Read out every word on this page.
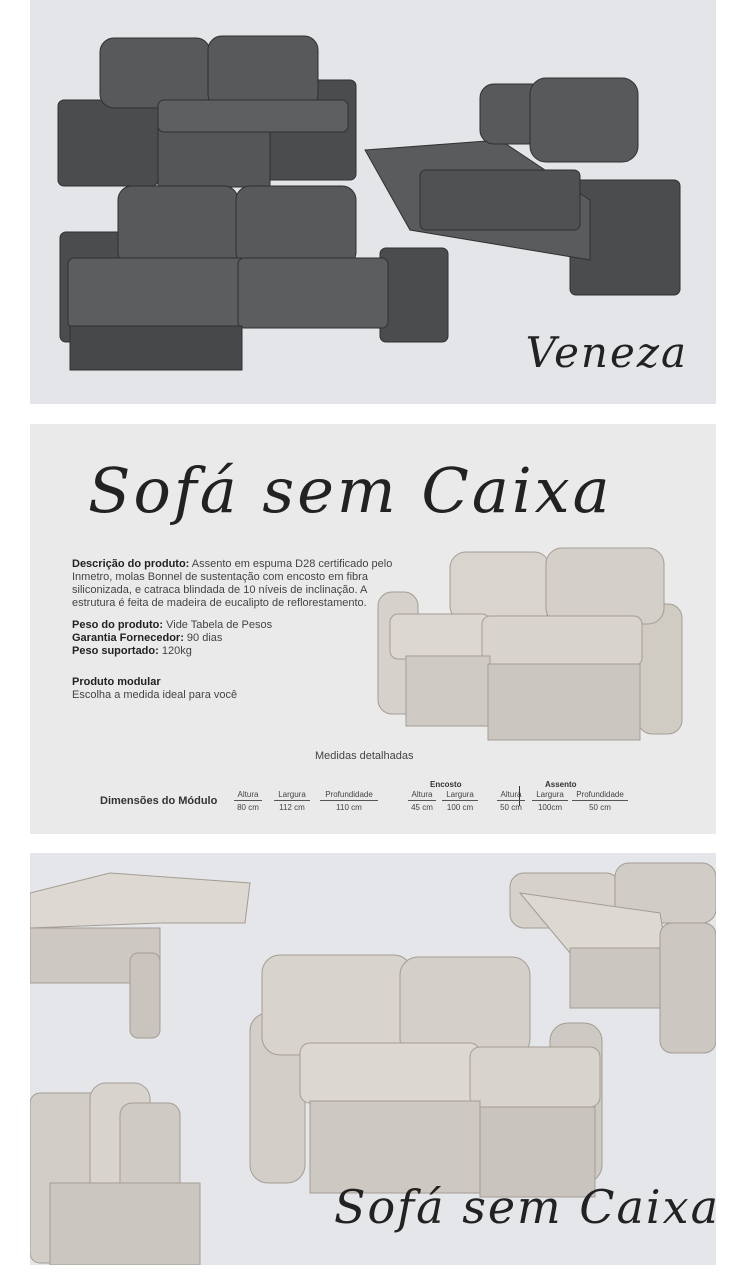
Veneza
Sofá sem Caixa

Descrição do produto: Assento em espuma D28 certificado pelo Inmetro, molas Bonnel de sustentação com encosto em fibra siliconizada, e catraca blindada de 10 níveis de inclinação. A estrutura é feita de madeira de eucalipto de reflorestamento.

Peso do produto: Vide Tabela de Pesos
Garantia Fornecedor: 90 dias
Peso suportado: 120kg

Produto modular
Escolha a medida ideal para você

Medidas detalhadas
Dimensões do Módulo
Altura
80 cm
Largura
112 cm
Profundidade
110 cm
Encosto
Altura
45 cm
Largura
100 cm
Assento
Altura
50 cm
Largura
100cm
Profundidade
50 cm
Sofá sem Caixa
